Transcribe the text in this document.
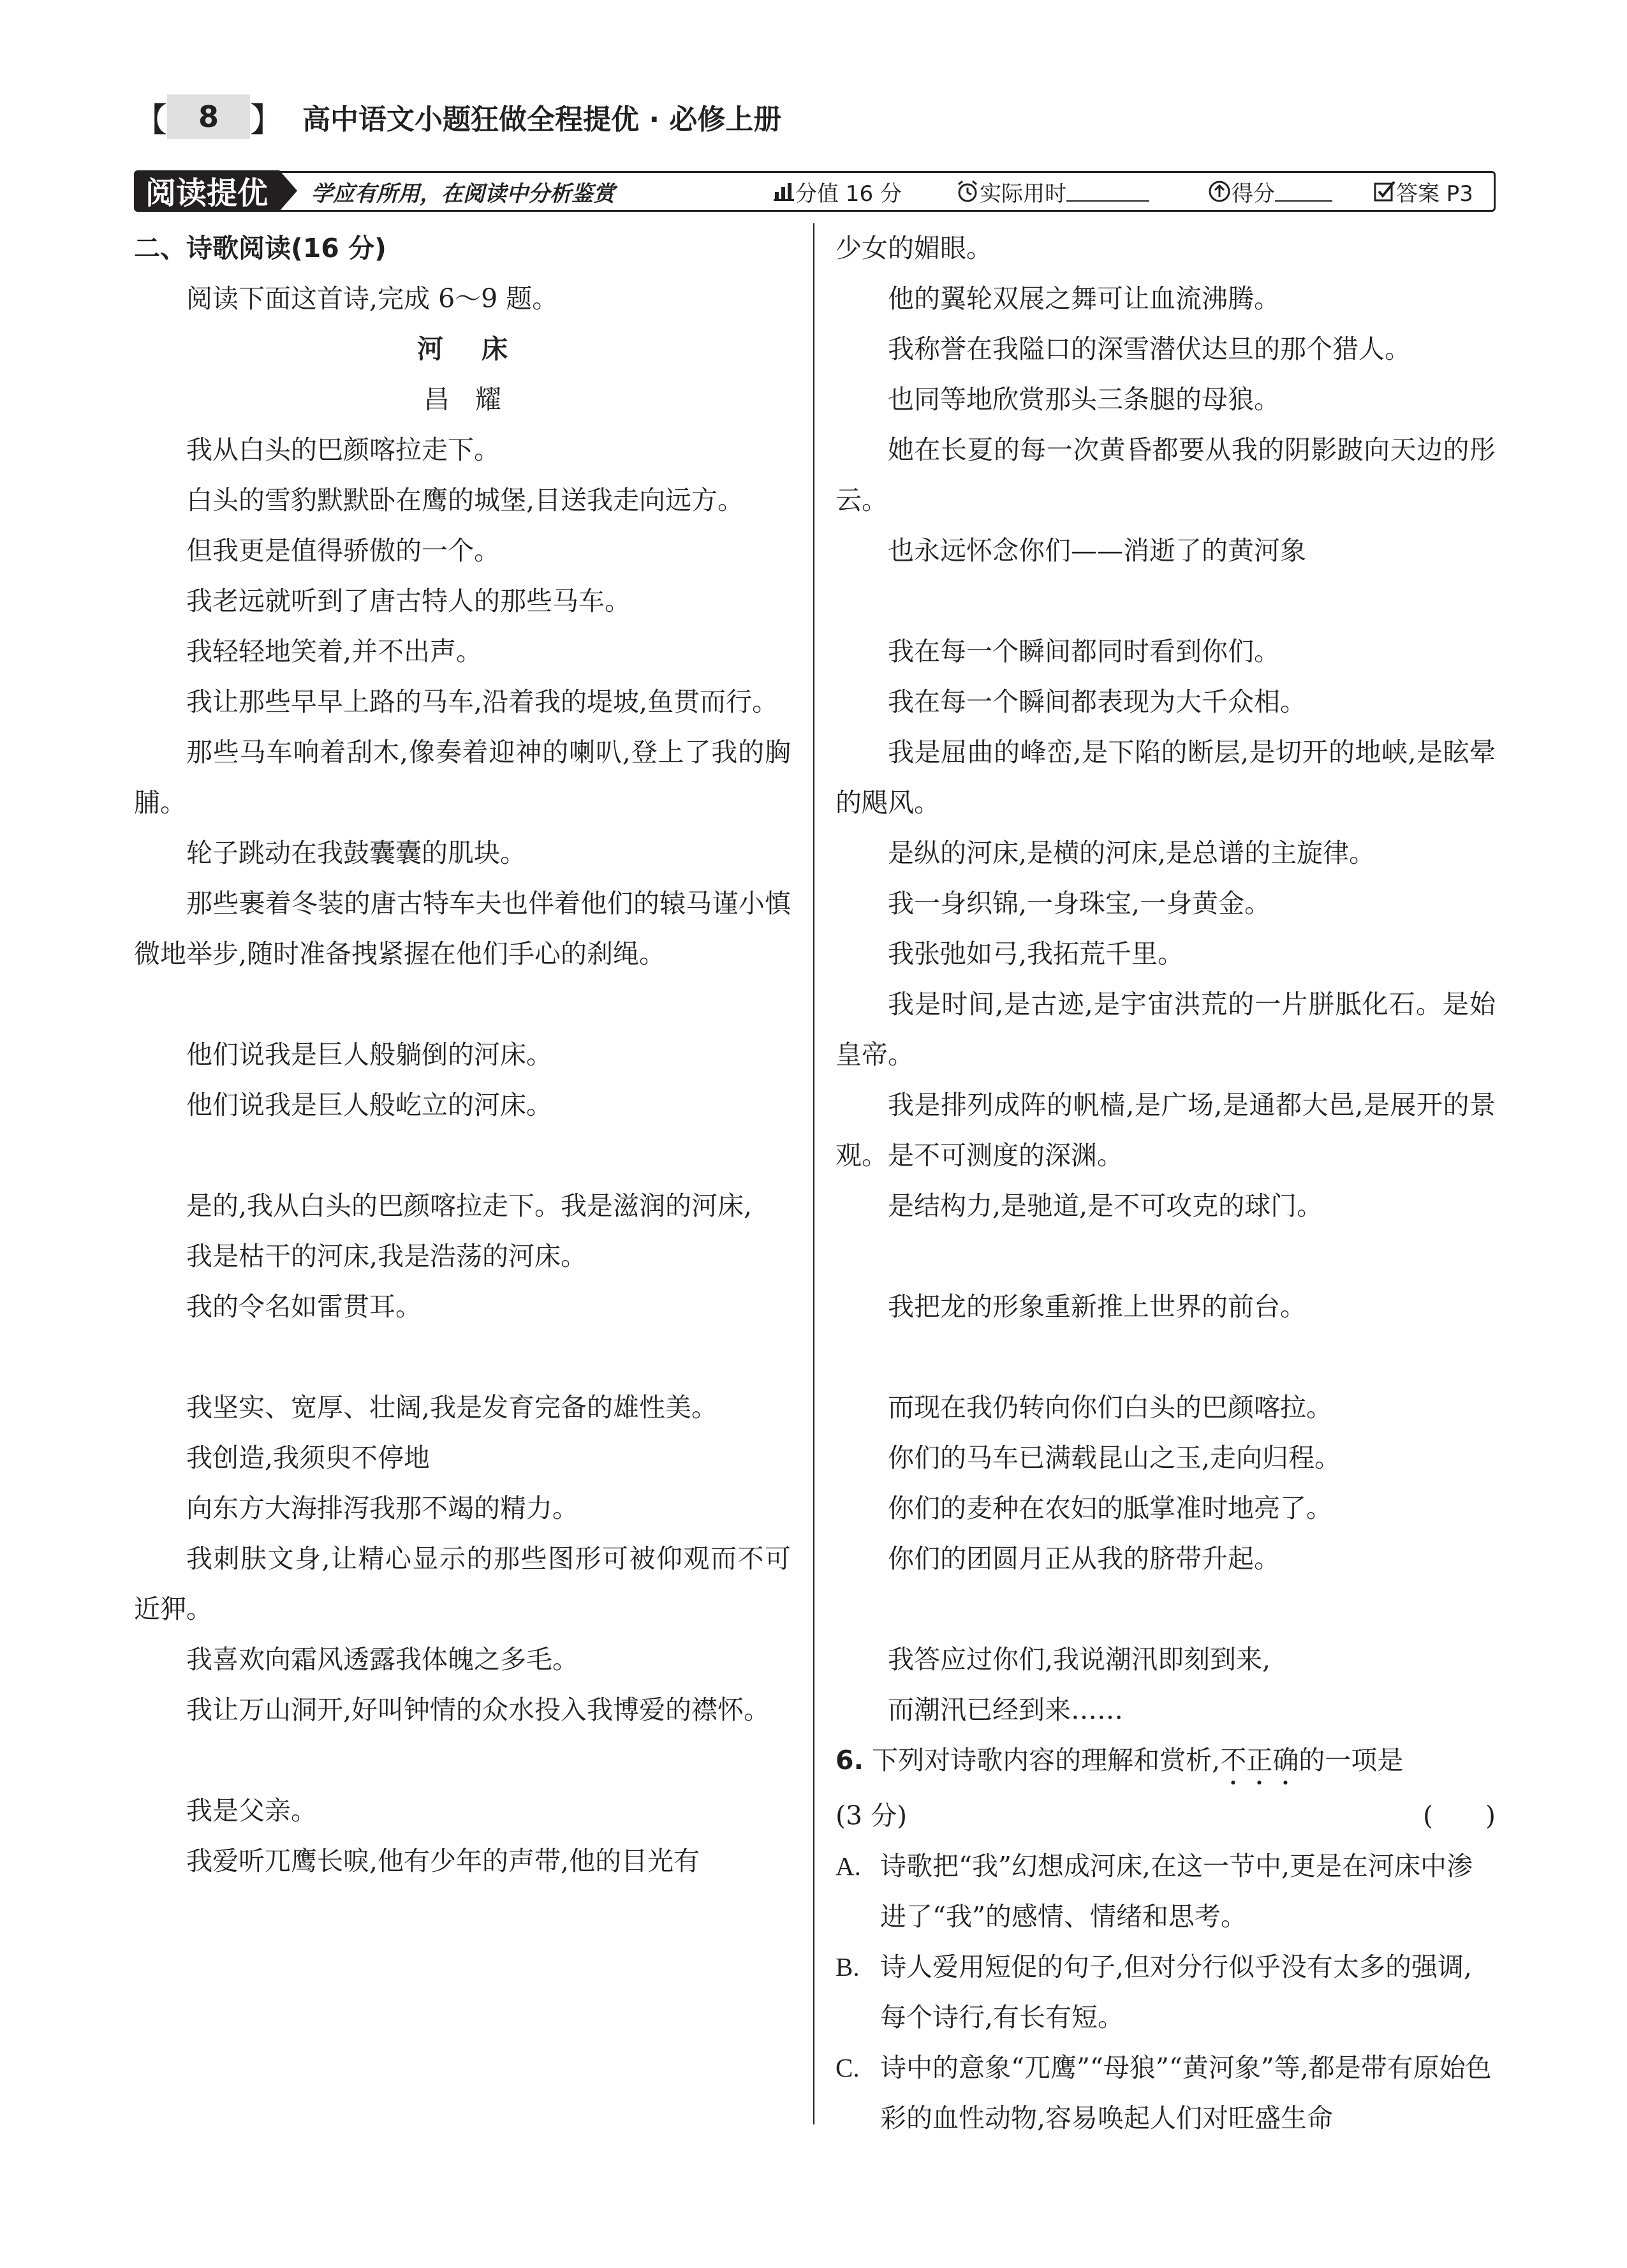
【	8 】 高中语文小题狂做全程提优 · 必修上册
阅读提优	学应有所用，在阅读中分析鉴赏	分值 16 分	实际用时	得分	答案 P3

二、诗歌阅读(16 分)

阅读下面这首诗,完成 6～9 题。

河床

昌耀

我从白头的巴颜喀拉走下。

白头的雪豹默默卧在鹰的城堡,目送我走向远方。

但我更是值得骄傲的一个。

我老远就听到了唐古特人的那些马车。

我轻轻地笑着,并不出声。

我让那些早早上路的马车,沿着我的堤坡,鱼贯而行。

那些马车响着刮木,像奏着迎神的喇叭,登上了我的胸脯。

轮子跳动在我鼓囊囊的肌块。

那些裹着冬装的唐古特车夫也伴着他们的辕马谨小慎微地举步,随时准备拽紧握在他们手心的刹绳。

他们说我是巨人般躺倒的河床。

他们说我是巨人般屹立的河床。

是的,我从白头的巴颜喀拉走下。我是滋润的河床,

我是枯干的河床,我是浩荡的河床。

我的令名如雷贯耳。

我坚实、宽厚、壮阔,我是发育完备的雄性美。

我创造,我须臾不停地

向东方大海排泻我那不竭的精力。

我刺肤文身,让精心显示的那些图形可被仰观而不可近狎。

我喜欢向霜风透露我体魄之多毛。

我让万山洞开,好叫钟情的众水投入我博爱的襟怀。

我是父亲。

我爱听兀鹰长唳,他有少年的声带,他的目光有

少女的媚眼。

他的翼轮双展之舞可让血流沸腾。

我称誉在我隘口的深雪潜伏达旦的那个猎人。

也同等地欣赏那头三条腿的母狼。

她在长夏的每一次黄昏都要从我的阴影跛向天边的彤云。

也永远怀念你们——消逝了的黄河象

我在每一个瞬间都同时看到你们。

我在每一个瞬间都表现为大千众相。

我是屈曲的峰峦,是下陷的断层,是切开的地峡,是眩晕的飓风。

是纵的河床,是横的河床,是总谱的主旋律。

我一身织锦,一身珠宝,一身黄金。

我张弛如弓,我拓荒千里。

我是时间,是古迹,是宇宙洪荒的一片胼胝化石。是始皇帝。

我是排列成阵的帆樯,是广场,是通都大邑,是展开的景观。是不可测度的深渊。

是结构力,是驰道,是不可攻克的球门。

我把龙的形象重新推上世界的前台。

而现在我仍转向你们白头的巴颜喀拉。

你们的马车已满载昆山之玉,走向归程。

你们的麦种在农妇的胝掌准时地亮了。

你们的团圆月正从我的脐带升起。

我答应过你们,我说潮汛即刻到来,

而潮汛已经到来……

6. 下列对诗歌内容的理解和赏析,不正确的一项是

(3 分)	(　　)

A. 诗歌把“我”幻想成河床,在这一节中,更是在河床中渗进了“我”的感情、情绪和思考。

B. 诗人爱用短促的句子,但对分行似乎没有太多的强调,每个诗行,有长有短。

C. 诗中的意象“兀鹰”“母狼”“黄河象”等,都是带有原始色彩的血性动物,容易唤起人们对旺盛生命
